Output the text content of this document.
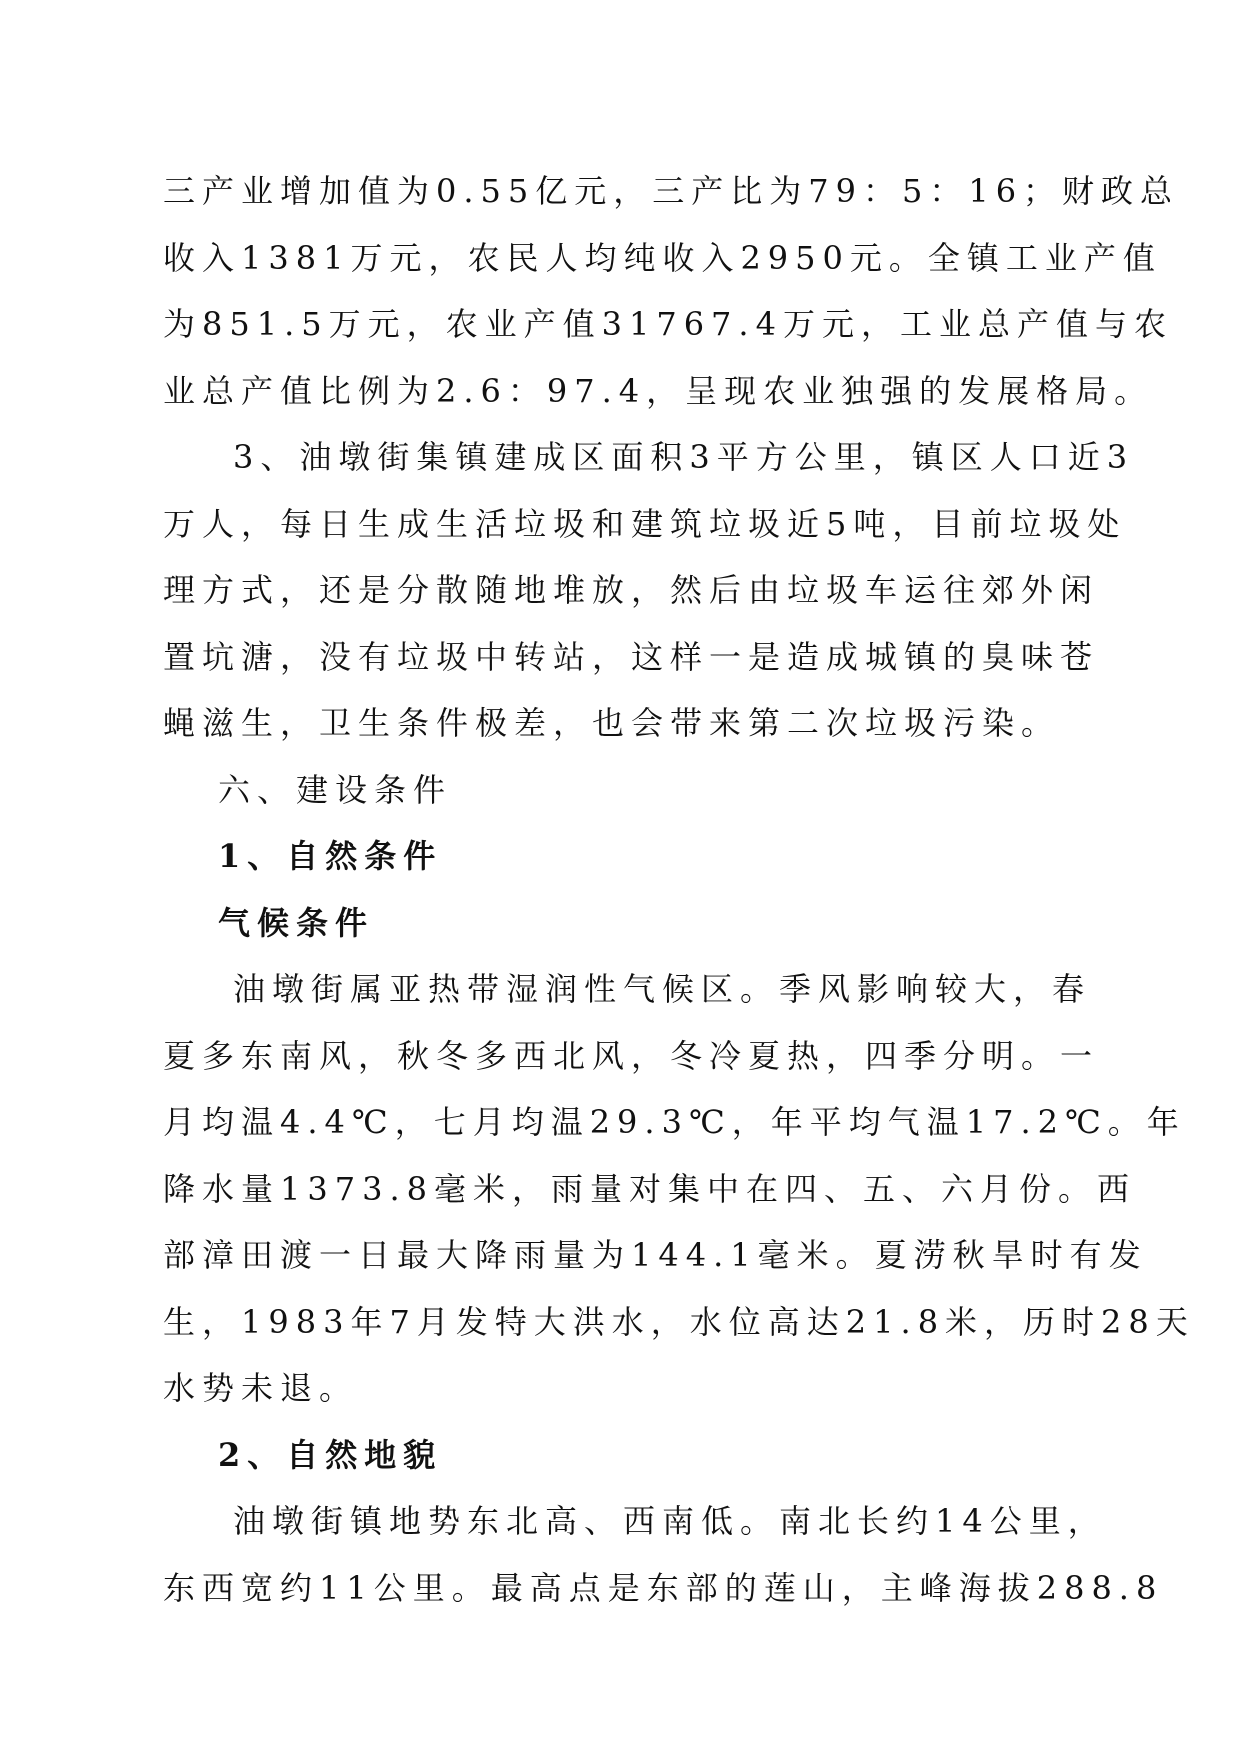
三产业增加值为0.55亿元，三产比为79：5：16；财政总
收入1381万元，农民人均纯收入2950元。全镇工业产值
为851.5万元，农业产值31767.4万元，工业总产值与农
业总产值比例为2.6：97.4，呈现农业独强的发展格局。
3、油墩街集镇建成区面积3平方公里，镇区人口近3
万人，每日生成生活垃圾和建筑垃圾近5吨，目前垃圾处
理方式，还是分散随地堆放，然后由垃圾车运往郊外闲
置坑溏，没有垃圾中转站，这样一是造成城镇的臭味苍
蝇滋生，卫生条件极差，也会带来第二次垃圾污染。
六、建设条件
1、自然条件
气候条件
油墩街属亚热带湿润性气候区。季风影响较大，春
夏多东南风，秋冬多西北风，冬冷夏热，四季分明。一
月均温4.4℃，七月均温29.3℃，年平均气温17.2℃。年
降水量1373.8毫米，雨量对集中在四、五、六月份。西
部漳田渡一日最大降雨量为144.1毫米。夏涝秋旱时有发
生，1983年7月发特大洪水，水位高达21.8米，历时28天
水势未退。
2、自然地貌
油墩街镇地势东北高、西南低。南北长约14公里，
东西宽约11公里。最高点是东部的莲山，主峰海拔288.8
